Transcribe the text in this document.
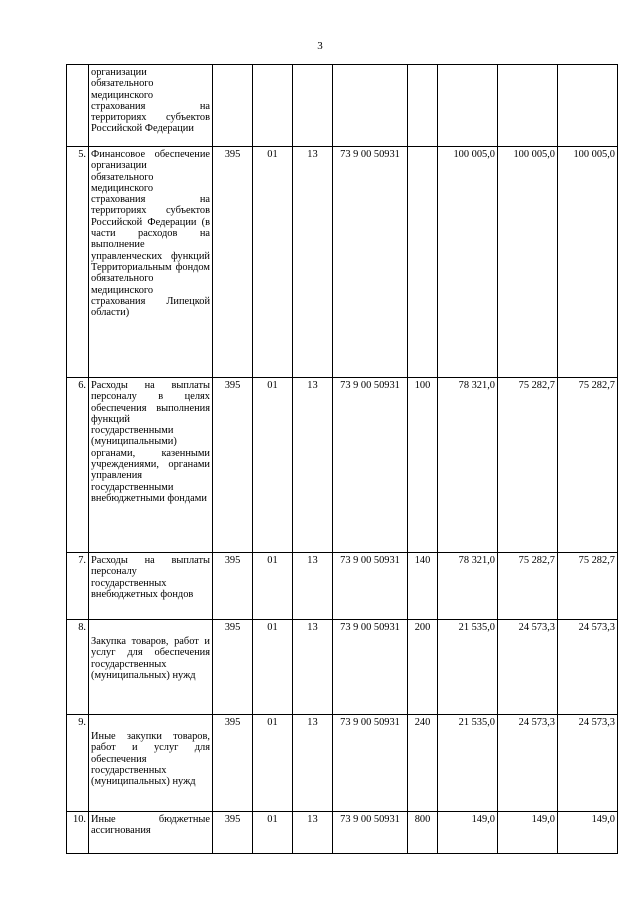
3
	организации обязательного медицинского страхования на территориях субъектов Российской Федерации								
5.	Финансовое обеспечение организации обязательного медицинского страхования на территориях субъектов Российской Федерации (в части расходов на выполнение управленческих функций Территориальным фондом обязательного медицинского страхования Липецкой области)	395	01	13	73 9 00 50931		100 005,0	100 005,0	100 005,0
6.	Расходы на выплаты персоналу в целях обеспечения выполнения функций государственными (муниципальными) органами, казенными учреждениями, органами управления государственными внебюджетными фондами	395	01	13	73 9 00 50931	100	78 321,0	75 282,7	75 282,7
7.	Расходы на выплаты персоналу государственных внебюджетных фондов	395	01	13	73 9 00 50931	140	78 321,0	75 282,7	75 282,7
8.	Закупка товаров, работ и услуг для обеспечения государственных (муниципальных) нужд	395	01	13	73 9 00 50931	200	21 535,0	24 573,3	24 573,3
9.	Иные закупки товаров, работ и услуг для обеспечения государственных (муниципальных) нужд	395	01	13	73 9 00 50931	240	21 535,0	24 573,3	24 573,3
10.	Иные бюджетные ассигнования	395	01	13	73 9 00 50931	800	149,0	149,0	149,0
